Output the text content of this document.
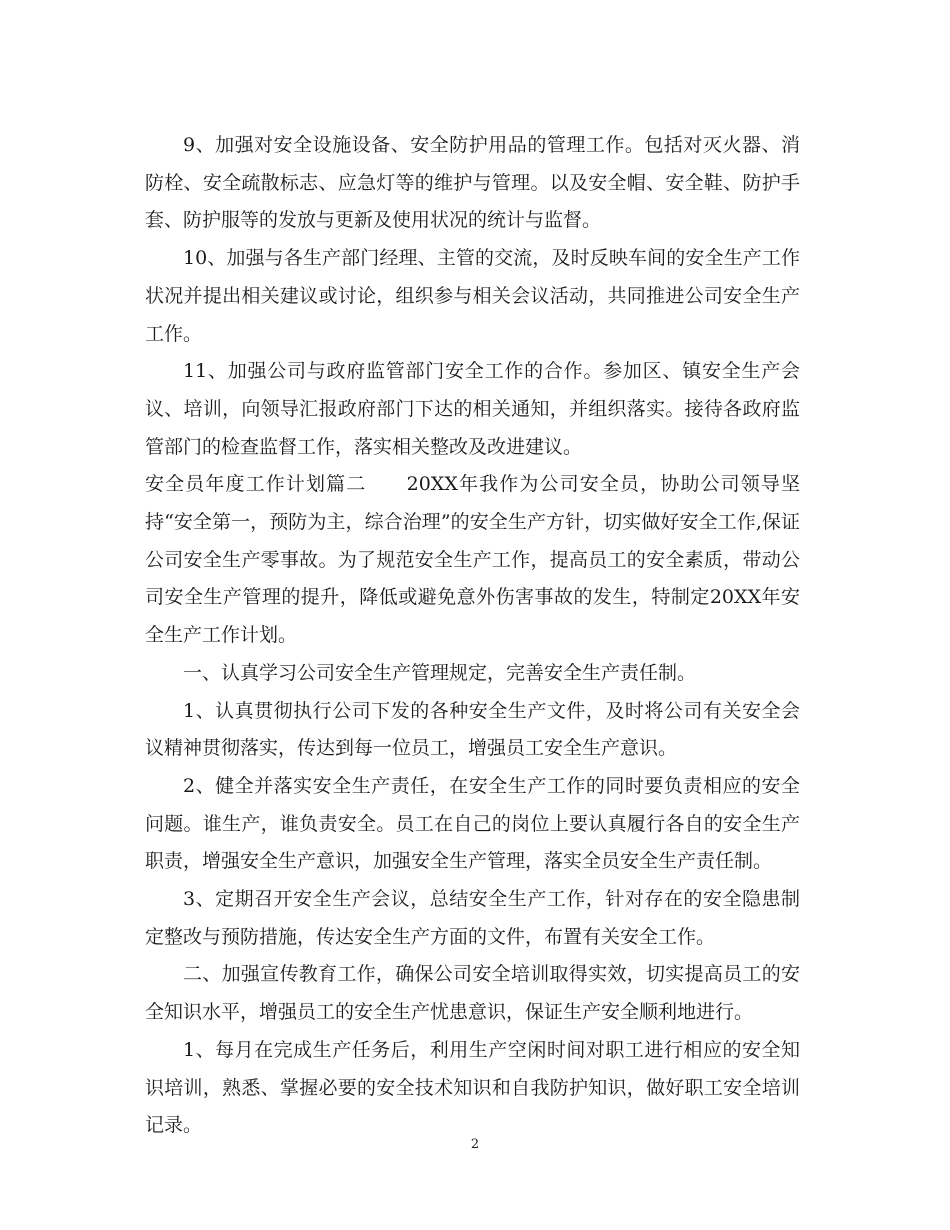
9、加强对安全设施设备、安全防护用品的管理工作。包括对灭火器、消防栓、安全疏散标志、应急灯等的维护与管理。以及安全帽、安全鞋、防护手套、防护服等的发放与更新及使用状况的统计与监督。

10、加强与各生产部门经理、主管的交流，及时反映车间的安全生产工作状况并提出相关建议或讨论，组织参与相关会议活动，共同推进公司安全生产工作。

11、加强公司与政府监管部门安全工作的合作。参加区、镇安全生产会议、培训，向领导汇报政府部门下达的相关通知，并组织落实。接待各政府监管部门的检查监督工作，落实相关整改及改进建议。

安全员年度工作计划篇二　　20XX年我作为公司安全员，协助公司领导坚持“安全第一，预防为主，综合治理”的安全生产方针，切实做好安全工作,保证公司安全生产零事故。为了规范安全生产工作，提高员工的安全素质，带动公司安全生产管理的提升，降低或避免意外伤害事故的发生，特制定20XX年安全生产工作计划。

一、认真学习公司安全生产管理规定，完善安全生产责任制。

1、认真贯彻执行公司下发的各种安全生产文件，及时将公司有关安全会议精神贯彻落实，传达到每一位员工，增强员工安全生产意识。

2、健全并落实安全生产责任，在安全生产工作的同时要负责相应的安全问题。谁生产，谁负责安全。员工在自己的岗位上要认真履行各自的安全生产职责，增强安全生产意识，加强安全生产管理，落实全员安全生产责任制。

3、定期召开安全生产会议，总结安全生产工作，针对存在的安全隐患制定整改与预防措施，传达安全生产方面的文件，布置有关安全工作。

二、加强宣传教育工作，确保公司安全培训取得实效，切实提高员工的安全知识水平，增强员工的安全生产忧患意识，保证生产安全顺利地进行。

1、每月在完成生产任务后，利用生产空闲时间对职工进行相应的安全知识培训，熟悉、掌握必要的安全技术知识和自我防护知识，做好职工安全培训记录。

2
